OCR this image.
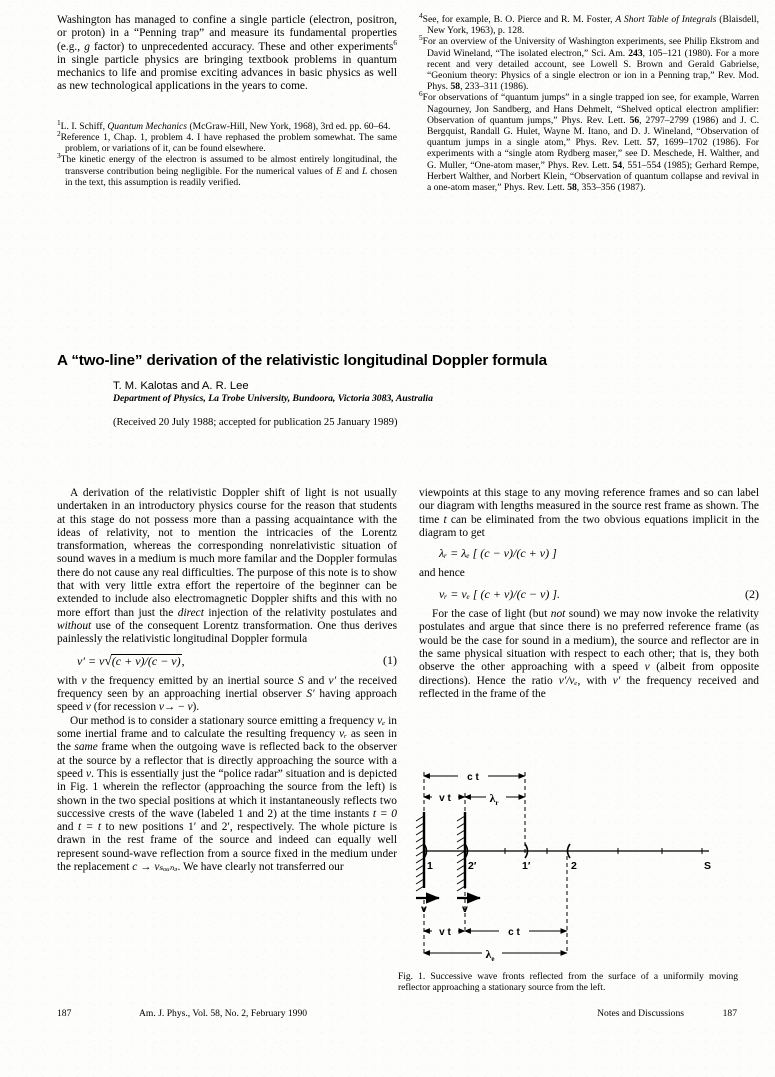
Washington has managed to confine a single particle (electron, positron, or proton) in a “Penning trap” and measure its fundamental properties (e.g., g factor) to unprecedented accuracy. These and other experiments$^6$ in single particle physics are bringing textbook problems in quantum mechanics to life and promise exciting advances in basic physics as well as new technological applications in the years to come.

$^1$L. I. Schiff, Quantum Mechanics (McGraw-Hill, New York, 1968), 3rd ed. pp. 60–64.

$^2$Reference 1, Chap. 1, problem 4. I have rephased the problem somewhat. The same problem, or variations of it, can be found elsewhere.

$^3$The kinetic energy of the electron is assumed to be almost entirely longitudinal, the transverse contribution being negligible. For the numerical values of E and L chosen in the text, this assumption is readily verified.

$^4$See, for example, B. O. Pierce and R. M. Foster, A Short Table of Integrals (Blaisdell, New York, 1963), p. 128.

$^5$For an overview of the University of Washington experiments, see Philip Ekstrom and David Wineland, “The isolated electron,” Sci. Am. 243, 105–121 (1980). For a more recent and very detailed account, see Lowell S. Brown and Gerald Gabrielse, “Geonium theory: Physics of a single electron or ion in a Penning trap,” Rev. Mod. Phys. 58, 233–311 (1986).

$^6$For observations of “quantum jumps” in a single trapped ion see, for example, Warren Nagourney, Jon Sandberg, and Hans Dehmelt, “Shelved optical electron amplifier: Observation of quantum jumps,” Phys. Rev. Lett. 56, 2797–2799 (1986) and J. C. Bergquist, Randall G. Hulet, Wayne M. Itano, and D. J. Wineland, “Observation of quantum jumps in a single atom,” Phys. Rev. Lett. 57, 1699–1702 (1986). For experiments with a “single atom Rydberg maser,” see D. Meschede, H. Walther, and G. Muller, “One-atom maser,” Phys. Rev. Lett. 54, 551–554 (1985); Gerhard Rempe, Herbert Walther, and Norbert Klein, “Observation of quantum collapse and revival in a one-atom maser,” Phys. Rev. Lett. 58, 353–356 (1987).

A “two-line” derivation of the relativistic longitudinal Doppler formula

T. M. Kalotas and A. R. Lee

Department of Physics, La Trobe University, Bundoora, Victoria 3083, Australia

(Received 20 July 1988; accepted for publication 25 January 1989)

A derivation of the relativistic Doppler shift of light is not usually undertaken in an introductory physics course for the reason that students at this stage do not possess more than a passing acquaintance with the ideas of relativity, not to mention the intricacies of the Lorentz transformation, whereas the corresponding nonrelativistic situation of sound waves in a medium is much more familar and the Doppler formulas there do not cause any real difficulties. The purpose of this note is to show that with very little extra effort the repertoire of the beginner can be extended to include also electromagnetic Doppler shifts and this with no more effort than just the direct injection of the relativity postulates and without use of the consequent Lorentz transformation. One thus derives painlessly the relativistic longitudinal Doppler formula

ν′ = ν√(c + v)/(c − v),	(1)

with ν the frequency emitted by an inertial source S and ν′ the received frequency seen by an approaching inertial observer S′ having approach speed v (for recession v→ − v).

Our method is to consider a stationary source emitting a frequency νₑ in some inertial frame and to calculate the resulting frequency νᵣ as seen in the same frame when the outgoing wave is reflected back to the observer at the source by a reflector that is directly approaching the source with a speed v. This is essentially just the “police radar” situation and is depicted in Fig. 1 wherein the reflector (approaching the source from the left) is shown in the two special positions at which it instantaneously reflects two successive crests of the wave (labeled 1 and 2) at the time instants t = 0 and t = t to new positions 1′ and 2′, respectively. The whole picture is drawn in the rest frame of the source and indeed can equally well represent sound-wave reflection from a source fixed in the medium under the replacement c → vₛₒᵤₙₔ. We have clearly not transferred our

viewpoints at this stage to any moving reference frames and so can label our diagram with lengths measured in the source rest frame as shown. The time t can be eliminated from the two obvious equations implicit in the diagram to get

λᵣ = λₑ [ (c − v)/(c + v) ]

and hence

νᵣ = νₑ [ (c + v)/(c − v) ].	(2)

For the case of light (but not sound) we may now invoke the relativity postulates and argue that since there is no preferred reference frame (as would be the case for sound in a medium), the source and reflector are in the same physical situation with respect to each other; that is, they both observe the other approaching with a speed v (albeit from opposite directions). Hence the ratio ν′/νₑ, with ν′ the frequency received and reflected in the frame of the

c t
v t	$\lambda_r$
1	2′	1′	2	S
v	v
v t	c t
$\lambda_e$
Fig. 1. Successive wave fronts reflected from the surface of a uniformily moving reflector approaching a stationary source from the left.
187	Am. J. Phys., Vol. 58, No. 2, February 1990	Notes and Discussions	187
